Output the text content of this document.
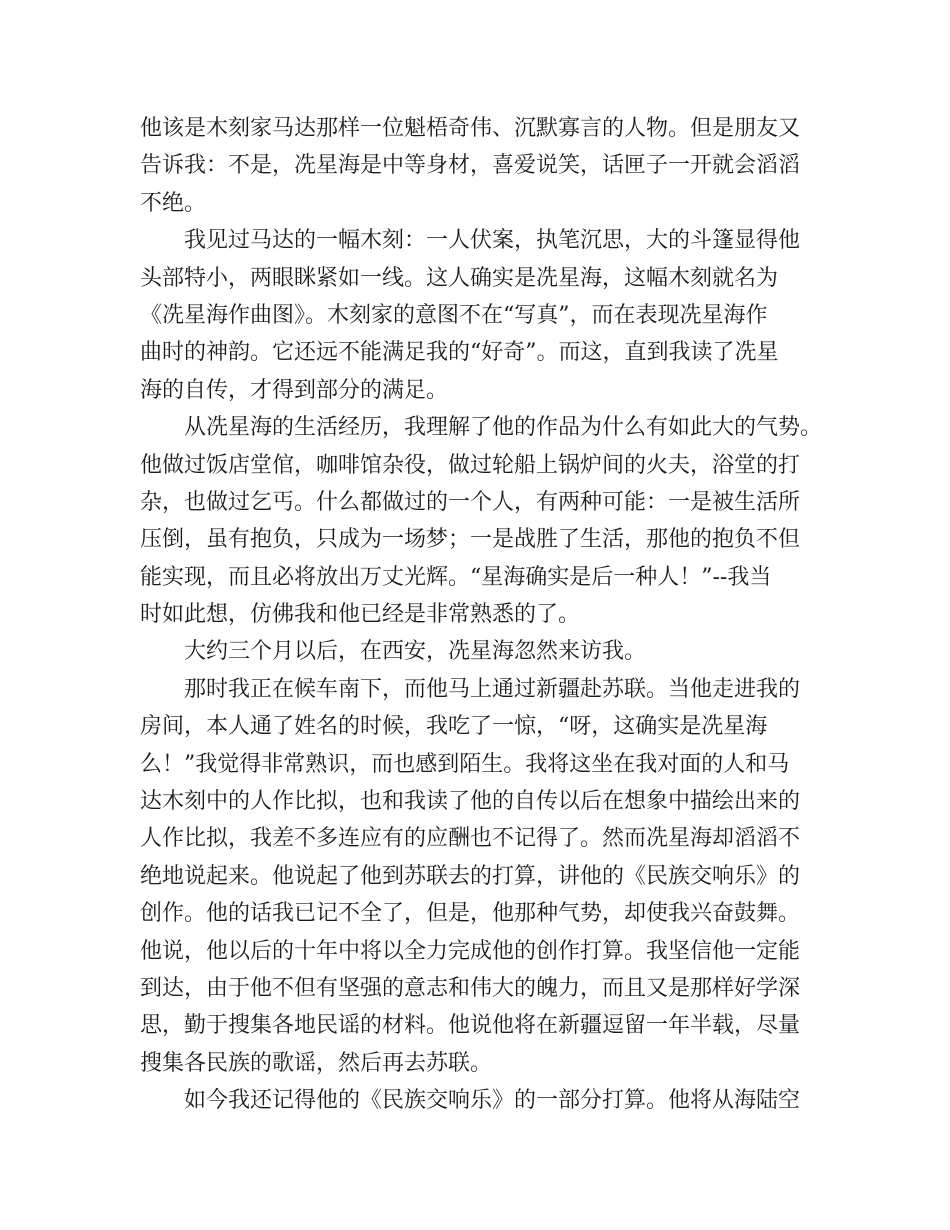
他该是木刻家马达那样一位魁梧奇伟、沉默寡言的人物。但是朋友又
告诉我：不是，冼星海是中等身材，喜爱说笑，话匣子一开就会滔滔
不绝。
我见过马达的一幅木刻：一人伏案，执笔沉思，大的斗篷显得他
头部特小，两眼眯紧如一线。这人确实是冼星海，这幅木刻就名为
《冼星海作曲图》。木刻家的意图不在“写真”，而在表现冼星海作
曲时的神韵。它还远不能满足我的“好奇”。而这，直到我读了冼星
海的自传，才得到部分的满足。
从冼星海的生活经历，我理解了他的作品为什么有如此大的气势。
他做过饭店堂倌，咖啡馆杂役，做过轮船上锅炉间的火夫，浴堂的打
杂，也做过乞丐。什么都做过的一个人，有两种可能：一是被生活所
压倒，虽有抱负，只成为一场梦；一是战胜了生活，那他的抱负不但
能实现，而且必将放出万丈光辉。“星海确实是后一种人！”--我当
时如此想，仿佛我和他已经是非常熟悉的了。
大约三个月以后，在西安，冼星海忽然来访我。
那时我正在候车南下，而他马上通过新疆赴苏联。当他走进我的
房间，本人通了姓名的时候，我吃了一惊，“呀，这确实是冼星海
么！”我觉得非常熟识，而也感到陌生。我将这坐在我对面的人和马
达木刻中的人作比拟，也和我读了他的自传以后在想象中描绘出来的
人作比拟，我差不多连应有的应酬也不记得了。然而冼星海却滔滔不
绝地说起来。他说起了他到苏联去的打算，讲他的《民族交响乐》的
创作。他的话我已记不全了，但是，他那种气势，却使我兴奋鼓舞。
他说，他以后的十年中将以全力完成他的创作打算。我坚信他一定能
到达，由于他不但有坚强的意志和伟大的魄力，而且又是那样好学深
思，勤于搜集各地民谣的材料。他说他将在新疆逗留一年半载，尽量
搜集各民族的歌谣，然后再去苏联。
如今我还记得他的《民族交响乐》的一部分打算。他将从海陆空
